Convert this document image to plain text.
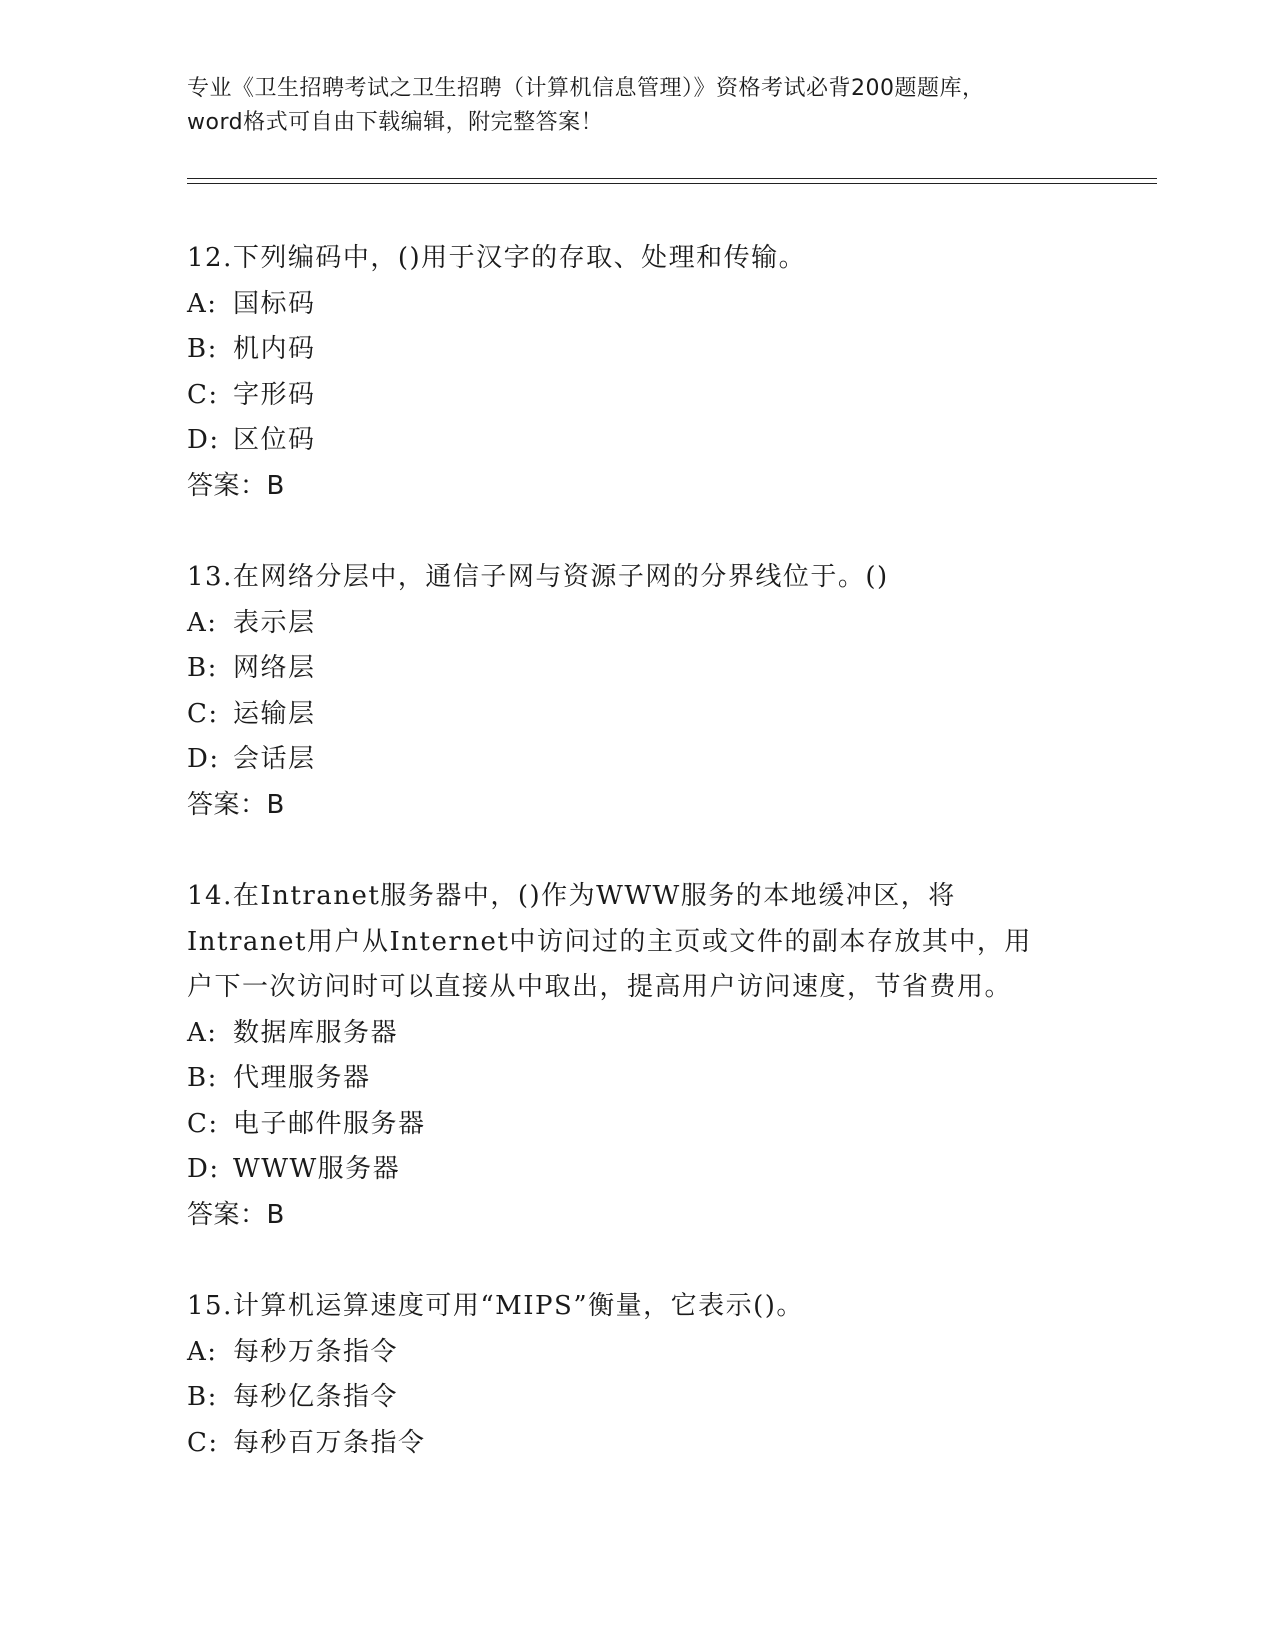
专业《卫生招聘考试之卫生招聘（计算机信息管理）》资格考试必背200题题库，
word格式可自由下载编辑，附完整答案！

12.下列编码中，()用于汉字的存取、处理和传输。

A: 国标码
B: 机内码
C: 字形码
D: 区位码
答案：B

13.在网络分层中，通信子网与资源子网的分界线位于。()

A: 表示层
B: 网络层
C: 运输层
D: 会话层
答案：B
14.在Intranet服务器中，()作为WWW服务的本地缓冲区，将
Intranet用户从Internet中访问过的主页或文件的副本存放其中，用
户下一次访问时可以直接从中取出，提高用户访问速度，节省费用。
A: 数据库服务器
B: 代理服务器
C: 电子邮件服务器
D: WWW服务器
答案：B

15.计算机运算速度可用“MIPS”衡量，它表示()。

A: 每秒万条指令
B: 每秒亿条指令
C: 每秒百万条指令
